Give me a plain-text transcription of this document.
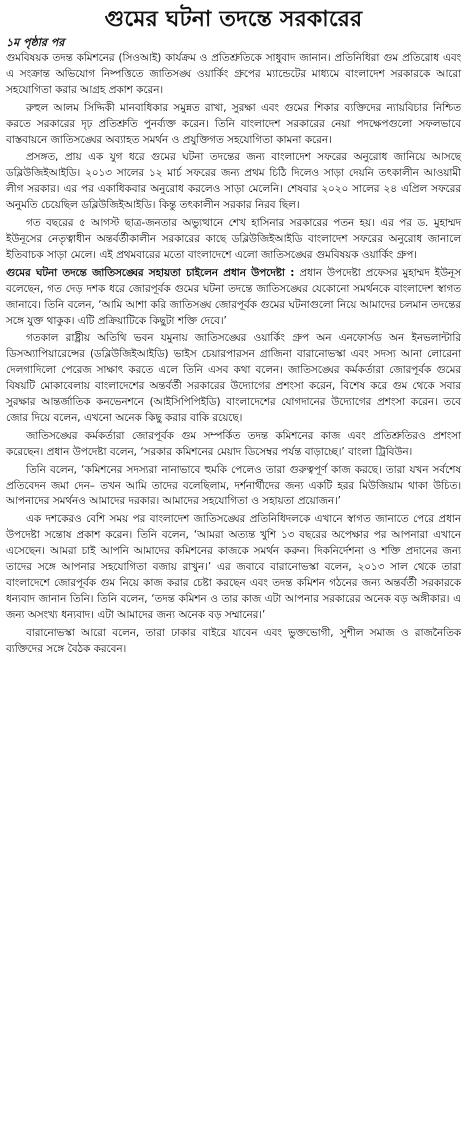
গুমের ঘটনা তদন্তে সরকারের
১ম পৃষ্ঠার পর

গুমবিষয়ক তদন্ত কমিশনের (সিওআই) কার্যক্রম ও প্রতিশ্রুতিকে সাধুবাদ জানান। প্রতিনিধিরা গুম প্রতিরোধ এবং এ সংক্রান্ত অভিযোগ নিষ্পত্তিতে জাতিসঙ্ঘ ওয়ার্কিং গ্রুপের ম্যান্ডেটের মাধ্যমে বাংলাদেশ সরকারকে আরো সহযোগিতা করার আগ্রহ প্রকাশ করেন।

রুহুল আলম সিদ্দিকী মানবাধিকার সমুন্নত রাখা, সুরক্ষা এবং গুমের শিকার ব্যক্তিদের ন্যায়বিচার নিশ্চিত করতে সরকারের দৃঢ় প্রতিশ্রুতি পুনর্ব্যক্ত করেন। তিনি বাংলাদেশ সরকারের নেয়া পদক্ষেপগুলো সফলভাবে বাস্তবায়নে জাতিসঙ্ঘের অব্যাহত সমর্থন ও প্রযুক্তিগত সহযোগিতা কামনা করেন।

প্রসঙ্গত, প্রায় এক যুগ ধরে গুমের ঘটনা তদন্তের জন্য বাংলাদেশ সফরের অনুরোধ জানিয়ে আসছে ডব্লিউজিইআইডি। ২০১৩ সালের ১২ মার্চ সফরের জন্য প্রথম চিঠি দিলেও সাড়া দেয়নি তৎকালীন আওয়ামী লীগ সরকার। এর পর একাধিকবার অনুরোধ করলেও সাড়া মেলেনি। শেষবার ২০২০ সালের ২৪ এপ্রিল সফরের অনুমতি চেয়েছিল ডব্লিউজিইআইডি। কিন্তু তৎকালীন সরকার নিরব ছিল।

গত বছরের ৫ আগস্ট ছাত্র-জনতার অভ্যুত্থানে শেখ হাসিনার সরকারের পতন হয়। এর পর ড. মুহাম্মদ ইউনূসের নেতৃত্বাধীন অন্তর্বর্তীকালীন সরকারের কাছে ডব্লিউজিইআইডি বাংলাদেশ সফরের অনুরোধ জানালে ইতিবাচক সাড়া মেলে। এই প্রথমবারের মতো বাংলাদেশে এলো জাতিসঙ্ঘের গুমবিষয়ক ওয়ার্কিং গ্রুপ।

গুমের ঘটনা তদন্তে জাতিসঙ্ঘের সহায়তা চাইলেন প্রধান উপদেষ্টা : প্রধান উপদেষ্টা প্রফেসর মুহাম্মদ ইউনূস বলেছেন, গত দেড় দশক ধরে জোরপূর্বক গুমের ঘটনা তদন্তে জাতিসঙ্ঘের যেকোনো সমর্থনকে বাংলাদেশ স্বাগত জানাবে। তিনি বলেন, ‘আমি আশা করি জাতিসঙ্ঘ জোরপূর্বক গুমের ঘটনাগুলো নিয়ে আমাদের চলমান তদন্তের সঙ্গে যুক্ত থাকুক। এটি প্রক্রিয়াটিকে কিছুটা শক্তি দেবে।’

গতকাল রাষ্ট্রীয় অতিথি ভবন যমুনায় জাতিসঙ্ঘের ওয়ার্কিং গ্রুপ অন এনফোর্সড অন ইনভলান্টারি ডিসঅ্যাপিয়ারেন্সের (ডব্লিউজিইআইডি) ভাইস চেয়ারপারসন গ্রাজিনা বারানোভস্কা এবং সদস্য আনা লোরেনা দেলগাদিলো পেরেজ সাক্ষাৎ করতে এলে তিনি এসব কথা বলেন। জাতিসঙ্ঘের কর্মকর্তারা জোরপূর্বক গুমের বিষয়টি মোকাবেলায় বাংলাদেশের অন্তর্বর্তী সরকারের উদ্যোগের প্রশংসা করেন, বিশেষ করে গুম থেকে সবার সুরক্ষার আন্তর্জাতিক কনভেনশনে (আইসিপিপিইডি) বাংলাদেশের যোগদানের উদ্যোগের প্রশংসা করেন। তবে জোর দিয়ে বলেন, এখনো অনেক কিছু করার বাকি রয়েছে।

জাতিসঙ্ঘের কর্মকর্তারা জোরপূর্বক গুম সম্পর্কিত তদন্ত কমিশনের কাজ এবং প্রতিশ্রুতিরও প্রশংসা করেছেন। প্রধান উপদেষ্টা বলেন, ‘সরকার কমিশনের মেয়াদ ডিসেম্বর পর্যন্ত বাড়াচ্ছে।’ বাংলা ট্রিবিউন।

তিনি বলেন, ‘কমিশনের সদস্যরা নানাভাবে হুমকি পেলেও তারা গুরুত্বপূর্ণ কাজ করছে। তারা যখন সর্বশেষ প্রতিবেদন জমা দেন– তখন আমি তাদের বলেছিলাম, দর্শনার্থীদের জন্য একটি হরর মিউজিয়াম থাকা উচিত। আপনাদের সমর্থনও আমাদের দরকার। আমাদের সহযোগিতা ও সহায়তা প্রয়োজন।’

এক দশকেরও বেশি সময় পর বাংলাদেশ জাতিসঙ্ঘের প্রতিনিধিদলকে এখানে স্বাগত জানাতে পেরে প্রধান উপদেষ্টা সন্তোষ প্রকাশ করেন। তিনি বলেন, ‘আমরা অত্যন্ত খুশি ১৩ বছরের অপেক্ষার পর আপনারা এখানে এসেছেন। আমরা চাই আপনি আমাদের কমিশনের কাজকে সমর্থন করুন। দিকনির্দেশনা ও শক্তি প্রদানের জন্য তাদের সঙ্গে আপনার সহযোগিতা বজায় রাখুন।’ এর জবাবে বারানোভস্কা বলেন, ২০১৩ সাল থেকে তারা বাংলাদেশে জোরপূর্বক গুম নিয়ে কাজ করার চেষ্টা করছেন এবং তদন্ত কমিশন গঠনের জন্য অন্তর্বর্তী সরকারকে ধন্যবাদ জানান তিনি। তিনি বলেন, ‘তদন্ত কমিশন ও তার কাজ এটা আপনার সরকারের অনেক বড় অঙ্গীকার। এ জন্য অসংখ্য ধন্যবাদ। এটা আমাদের জন্য অনেক বড় সম্মানের।’

বারানোভস্কা আরো বলেন, তারা ঢাকার বাইরে যাবেন এবং ভুক্তভোগী, সুশীল সমাজ ও রাজনৈতিক ব্যক্তিদের সঙ্গে বৈঠক করবেন।
